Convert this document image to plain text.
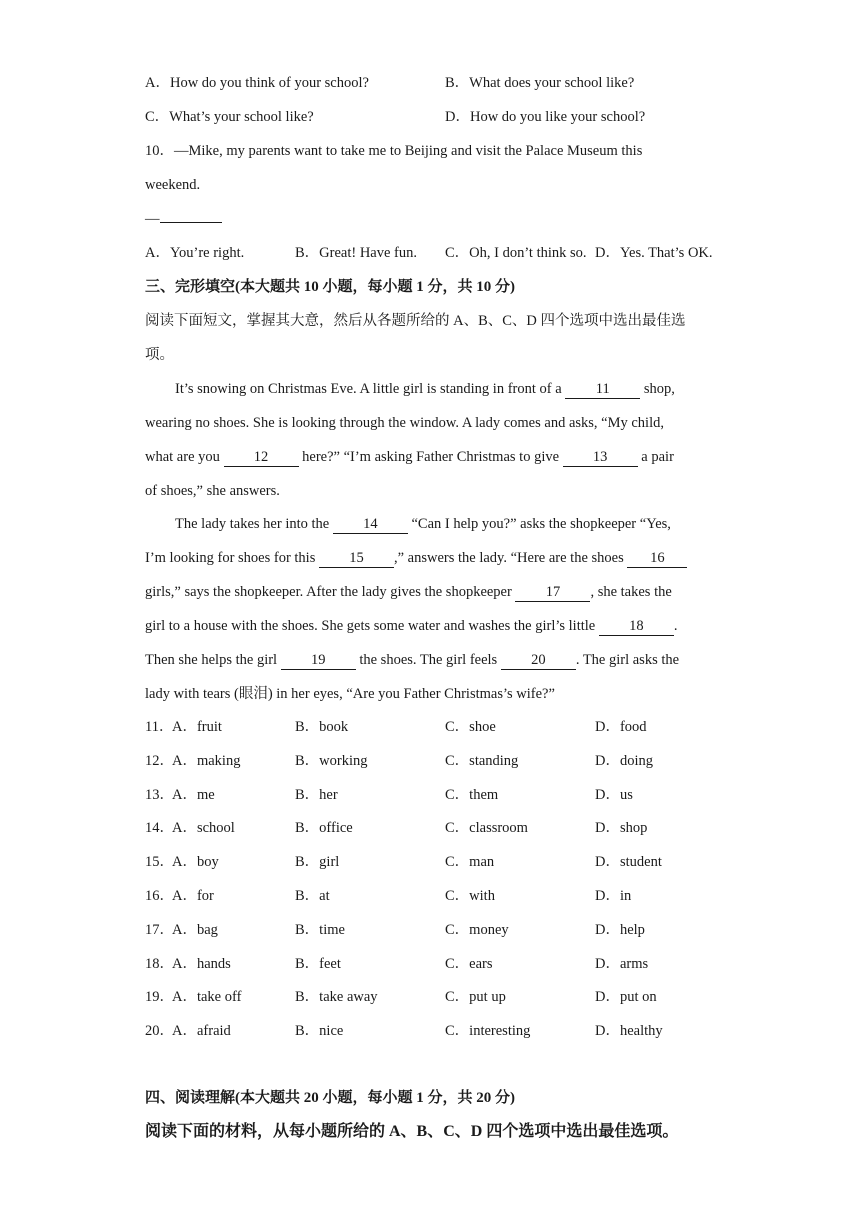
A．How do you think of your school?	B．What does your school like?
C．What’s your school like?	D．How do you like your school?
10．—Mike, my parents want to take me to Beijing and visit the Palace Museum this
weekend.
—
A．You’re right.	B．Great! Have fun. C．Oh, I don’t think so. D．Yes. That’s OK.
三、完形填空(本大题共 10 小题，每小题 1 分，共 10 分)
阅读下面短文，掌握其大意，然后从各题所给的 A、B、C、D 四个选项中选出最佳选
项。
It’s snowing on Christmas Eve. A little girl is standing in front of a 11 shop,
wearing no shoes. She is looking through the window. A lady comes and asks, “My child,
what are you 12 here?” “I’m asking Father Christmas to give 13 a pair
of shoes,” she answers.
The lady takes her into the 14 “Can I help you?” asks the shopkeeper “Yes,
I’m looking for shoes for this 15 ,” answers the lady. “Here are the shoes 16
girls,” says the shopkeeper. After the lady gives the shopkeeper 17 , she takes the
girl to a house with the shoes. She gets some water and washes the girl’s little 18 .
Then she helps the girl 19 the shoes. The girl feels 20 . The girl asks the
lady with tears (眼泪) in her eyes, “Are you Father Christmas’s wife?”
11．
A．fruit	B．book	C．shoe	D．food
12．
A．making	B．working	C．standing	D．doing
13．
A．me	B．her	C．them	D．us
14．
A．school	B．office	C．classroom	D．shop
15．
A．boy	B．girl	C．man	D．student
16．
A．for	B．at	C．with	D．in
17．
A．bag	B．time	C．money	D．help
18．
A．hands	B．feet	C．ears	D．arms
19．
A．take off	B．take away	C．put up	D．put on
20．
A．afraid	B．nice	C．interesting	D．healthy
四、阅读理解(本大题共 20 小题，每小题 1 分，共 20 分)
阅读下面的材料，从每小题所给的 A、B、C、D 四个选项中选出最佳选项。
